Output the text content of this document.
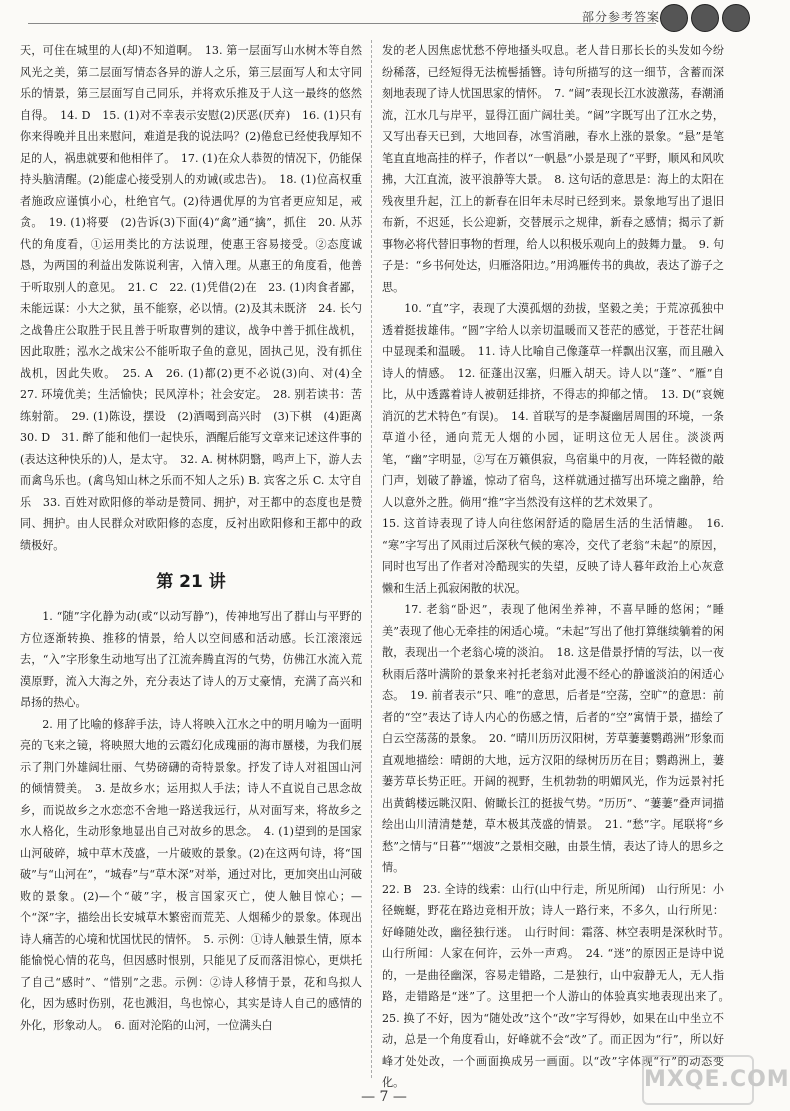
部分参考答案

天，可住在城里的人(却)不知道啊。　13. 第一层面写山水树木等自然风光之美，第二层面写情态各异的游人之乐，第三层面写人和太守同乐的情景，第三层面写自己同乐，并将欢乐推及于人这一最终的悠然自得。　14. D　15. (1)对不幸表示安慰(2)厌恶(厌弃)　16. (1)只有你来得晚并且出来慰问，难道是我的说法吗？(2)倦怠已经使我厚知不足的人，祸患就要和他相伴了。　17. (1)在众人恭贺的情况下，仍能保持头脑清醒。(2)能虚心接受别人的劝诫(或忠告)。　18. (1)位高权重者施政应谨慎小心，杜绝官气。(2)待遇优厚的为官者更应知足，戒贪。　19. (1)将要　(2)告诉(3)下面(4)“禽”通“擒”，抓住　20. 从苏代的角度看，①运用类比的方法说理，使惠王容易接受。②态度诚恳，为两国的利益出发陈说利害，入情入理。从惠王的角度看，他善于听取别人的意见。　21. C　22. (1)凭借(2)在　23. (1)肉食者鄙，未能远谋：小大之狱，虽不能察，必以情。(2)及其未既济　24. 长勺之战鲁庄公取胜于民且善于听取曹刿的建议，战争中善于抓住战机，因此取胜；泓水之战宋公不能听取子鱼的意见，固执己见，没有抓住战机，因此失败。　25. A　26. (1)都(2)更不必说(3)向、对(4)全　27. 环境优美；生活愉快；民风淳朴；社会安定。　28. 别若读书：苦练射箭。　29. (1)陈设，摆设　(2)酒喝到高兴时　(3)下棋　(4)距离　30. D　31. 醉了能和他们一起快乐，酒醒后能写文章来记述这件事的(表达这种快乐的)人，是太守。　32. A. 树林阴翳，鸣声上下，游人去而禽鸟乐也。(禽鸟知山林之乐而不知人之乐) B. 宾客之乐 C. 太守自乐　33. 百姓对欧阳修的举动是赞同、拥护，对王都中的态度也是赞同、拥护。由人民群众对欧阳修的态度，反衬出欧阳修和王都中的政绩极好。

第 21 讲

1. “随”字化静为动(或“以动写静”)，传神地写出了群山与平野的方位逐渐转换、推移的情景，给人以空间感和活动感。长江滚滚远去，“入”字形象生动地写出了江流奔腾直泻的气势，仿佛江水流入荒漠原野，流入大海之外，充分表达了诗人的万丈豪情，充满了高兴和昂扬的热心。

2. 用了比喻的修辞手法，诗人将映入江水之中的明月喻为一面明亮的飞来之镜，将映照大地的云霞幻化成瑰丽的海市蜃楼，为我们展示了荆门外雄阔壮丽、气势磅礴的奇特景象。抒发了诗人对祖国山河的倾情赞美。　3. 是故乡水；运用拟人手法；诗人不直说自己思念故乡，而说故乡之水恋恋不舍地一路送我远行，从对面写来，将故乡之水人格化，生动形象地显出自己对故乡的思念。　4. (1)望到的是国家山河破碎，城中草木茂盛，一片破败的景象。(2)在这两句诗，将“国破”与“山河在”，“城春”与“草木深”对举，通过对比，更加突出山河破败的景象。(2)—个“破”字，极言国家灭亡，使人触目惊心；—个“深”字，描绘出长安城草木繁密而荒芜、人烟稀少的景象。体现出诗人痛苦的心境和忧国忧民的情怀。　5. 示例：①诗人触景生情，原本能愉悦心情的花鸟，但因感时恨别，只能见了反而落泪惊心，更烘托了自己“感时”、“惜别”之悲。示例：②诗人移情于景，花和鸟拟人化，因为感时伤别，花也溅泪，鸟也惊心，其实是诗人自己的感情的外化，形象动人。　6. 面对沦陷的山河，一位满头白

发的老人因焦虑忧愁不停地搔头叹息。老人昔日那长长的头发如今纷纷稀落，已经短得无法梳髻插簪。诗句所描写的这一细节，含蓄而深刻地表现了诗人忧国思家的情怀。　7. “阔”表现长江水波激荡，春潮涌流，江水几与岸平，显得江面广阔壮美。“阔”字既写出了江水之势，又写出春天已到，大地回春，冰雪消融，春水上涨的景象。“悬”是笔笔直直地高挂的样子，作者以“一帆悬”小景是现了“平野，顺风和风吹拂，大江直流，波平浪静等大景。　8. 这句话的意思是：海上的太阳在残夜里升起，江上的新春在旧年未尽时已经到来。景象地写出了退旧布新，不迟延，长公迎新，交替展示之规律，新春之感情；揭示了新事物必将代替旧事物的哲理，给人以积极乐观向上的鼓舞力量。　9. 句子是：“乡书何处达，归雁洛阳边。”用鸿雁传书的典故，表达了游子之思。

10. “直”字，表现了大漠孤烟的劲拔，坚毅之美；于荒凉孤独中透着挺拔雄伟。“圆”字给人以亲切温暖而又苍茫的感觉，于苍茫壮阔中显现柔和温暖。　11. 诗人比喻自己像蓬草一样飘出汉塞，而且融入诗人的情感。　12. 征蓬出汉塞，归雁入胡天。诗人以“蓬”、“雁”自比，从中透露着诗人被朝廷排挤，不得志的抑郁之情。　13. D(“哀婉消沉的艺术特色”有误)。　14. 首联写的是李凝幽居周围的环境，一条草道小径，通向荒无人烟的小园，证明这位无人居住。淡淡两笔，“幽”字明显，②写在万籁俱寂，鸟宿巢中的月夜，一阵轻微的敲门声，划破了静谧，惊动了宿鸟，这样就通过描写出环境之幽静，给人以意外之胜。倘用“推”字当然没有这样的艺术效果了。

15. 这首诗表现了诗人向往悠闲舒适的隐居生活的生活情趣。　16. “寒”字写出了风雨过后深秋气候的寒冷，交代了老翁“未起”的原因，同时也写出了作者对冷酷现实的失望，反映了诗人暮年政治上心灰意懒和生活上孤寂闲散的状况。

17. 老翁“卧迟”，表现了他闲坐养神，不喜早睡的悠闲；“睡美”表现了他心无牵挂的闲适心境。“未起”写出了他打算继续躺着的闲散，表现出一个老翁心境的淡泊。　18. 这是借景抒情的写法，以一夜秋雨后落叶满阶的景象来衬托老翁对此漫不经心的静谧淡泊的闲适心态。　19. 前者表示“只、唯”的意思，后者是“空荡，空旷”的意思：前者的“空”表达了诗人内心的伤感之情，后者的“空”寓情于景，描绘了白云空荡荡的景象。　20. “晴川历历汉阳树，芳草萋萋鹦鹉洲”形象而直观地描绘：晴朗的大地，远方汉阳的绿树历历在目；鹦鹉洲上，萋萋芳草长势正旺。开阔的视野，生机勃勃的明媚风光，作为远景衬托出黄鹤楼远眺汉阳、俯瞰长江的挺拔气势。“历历”、“萋萋”叠声词描绘出山川清清楚楚，草木极其茂盛的情景。　21. “愁”字。尾联将“乡愁”之情与“日暮”“烟波”之景相交融，由景生情，表达了诗人的思乡之情。

22. B　23. 全诗的线索：山行(山中行走，所见所闻)　山行所见：小径蜿蜒，野花在路边竞相开放；诗人一路行来，不多久，山行所见：好峰随处改，幽径独行迷。　山行时间：霜落、林空表明是深秋时节。　山行所闻：人家在何许，云外一声鸡。　24. “迷”的原因正是诗中说的，一是曲径幽深，容易走错路，二是独行，山中寂静无人，无人指路，走错路是“迷”了。这里把一个人游山的体验真实地表现出来了。　25. 换了不好，因为“随处改”这个“改”字写得妙，如果在山中坐立不动，总是一个角度看山，好峰就不会“改”了。而正因为“行”，所以好峰才处处改，一个画面换成另一画面。以“改”字体现“行”的动态变化。

— 7 —
MXQE.COM
